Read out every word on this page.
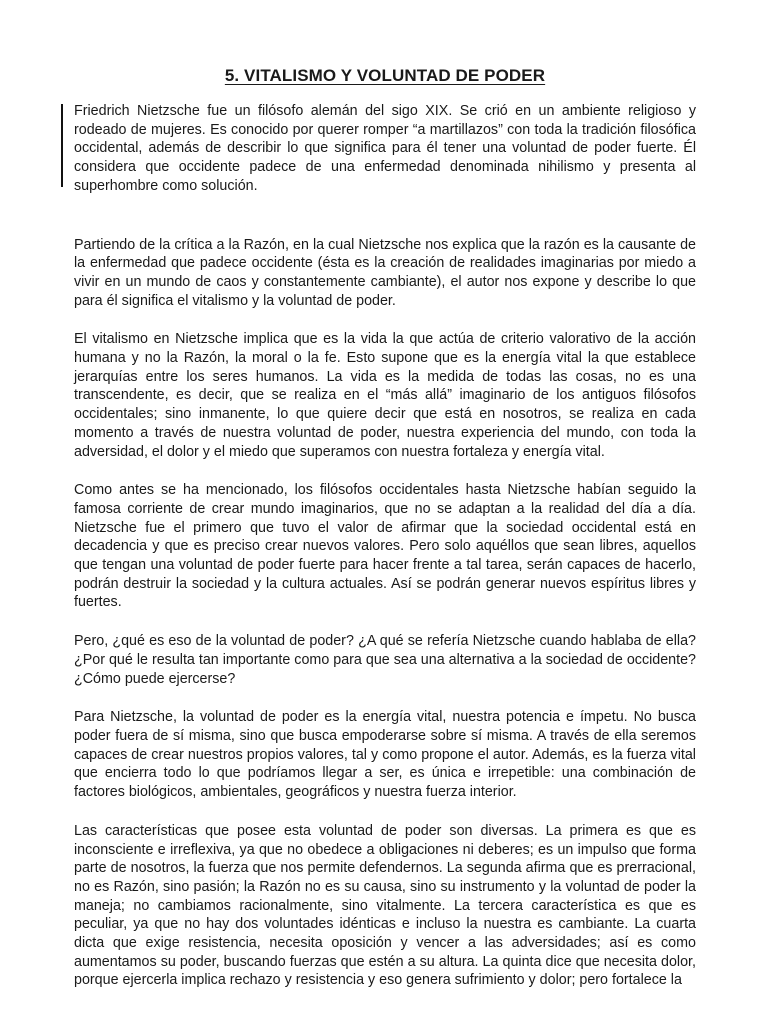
5. VITALISMO Y VOLUNTAD DE PODER

Friedrich Nietzsche fue un filósofo alemán del sigo XIX. Se crió en un ambiente religioso y rodeado de mujeres. Es conocido por querer romper “a martillazos” con toda la tradición filosófica occidental, además de describir lo que significa para él tener una voluntad de poder fuerte. Él considera que occidente padece de una enfermedad denominada nihilismo y presenta al superhombre como solución.

Partiendo de la crítica a la Razón, en la cual Nietzsche nos explica que la razón es la causante de la enfermedad que padece occidente (ésta es la creación de realidades imaginarias por miedo a vivir en un mundo de caos y constantemente cambiante), el autor nos expone y describe lo que para él significa el vitalismo y la voluntad de poder.

El vitalismo en Nietzsche implica que es la vida la que actúa de criterio valorativo de la acción humana y no la Razón, la moral o la fe. Esto supone que es la energía vital la que establece jerarquías entre los seres humanos. La vida es la medida de todas las cosas, no es una transcendente, es decir, que se realiza en el “más allá” imaginario de los antiguos filósofos occidentales; sino inmanente, lo que quiere decir que está en nosotros, se realiza en cada momento a través de nuestra voluntad de poder, nuestra experiencia del mundo, con toda la adversidad, el dolor y el miedo que superamos con nuestra fortaleza y energía vital.

Como antes se ha mencionado, los filósofos occidentales hasta Nietzsche habían seguido la famosa corriente de crear mundo imaginarios, que no se adaptan a la realidad del día a día. Nietzsche fue el primero que tuvo el valor de afirmar que la sociedad occidental está en decadencia y que es preciso crear nuevos valores. Pero solo aquéllos que sean libres, aquellos que tengan una voluntad de poder fuerte para hacer frente a tal tarea, serán capaces de hacerlo, podrán destruir la sociedad y la cultura actuales. Así se podrán generar nuevos espíritus libres y fuertes.

Pero, ¿qué es eso de la voluntad de poder? ¿A qué se refería Nietzsche cuando hablaba de ella? ¿Por qué le resulta tan importante como para que sea una alternativa a la sociedad de occidente? ¿Cómo puede ejercerse?

Para Nietzsche, la voluntad de poder es la energía vital, nuestra potencia e ímpetu. No busca poder fuera de sí misma, sino que busca empoderarse sobre sí misma. A través de ella seremos capaces de crear nuestros propios valores, tal y como propone el autor. Además, es la fuerza vital que encierra todo lo que podríamos llegar a ser, es única e irrepetible: una combinación de factores biológicos, ambientales, geográficos y nuestra fuerza interior.

Las características que posee esta voluntad de poder son diversas. La primera es que es inconsciente e irreflexiva, ya que no obedece a obligaciones ni deberes; es un impulso que forma parte de nosotros, la fuerza que nos permite defendernos. La segunda afirma que es prerracional, no es Razón, sino pasión; la Razón no es su causa, sino su instrumento y la voluntad de poder la maneja; no cambiamos racionalmente, sino vitalmente. La tercera característica es que es peculiar, ya que no hay dos voluntades idénticas e incluso la nuestra es cambiante. La cuarta dicta que exige resistencia, necesita oposición y vencer a las adversidades; así es como aumentamos su poder, buscando fuerzas que estén a su altura. La quinta dice que necesita dolor, porque ejercerla implica rechazo y resistencia y eso genera sufrimiento y dolor; pero fortalece la
